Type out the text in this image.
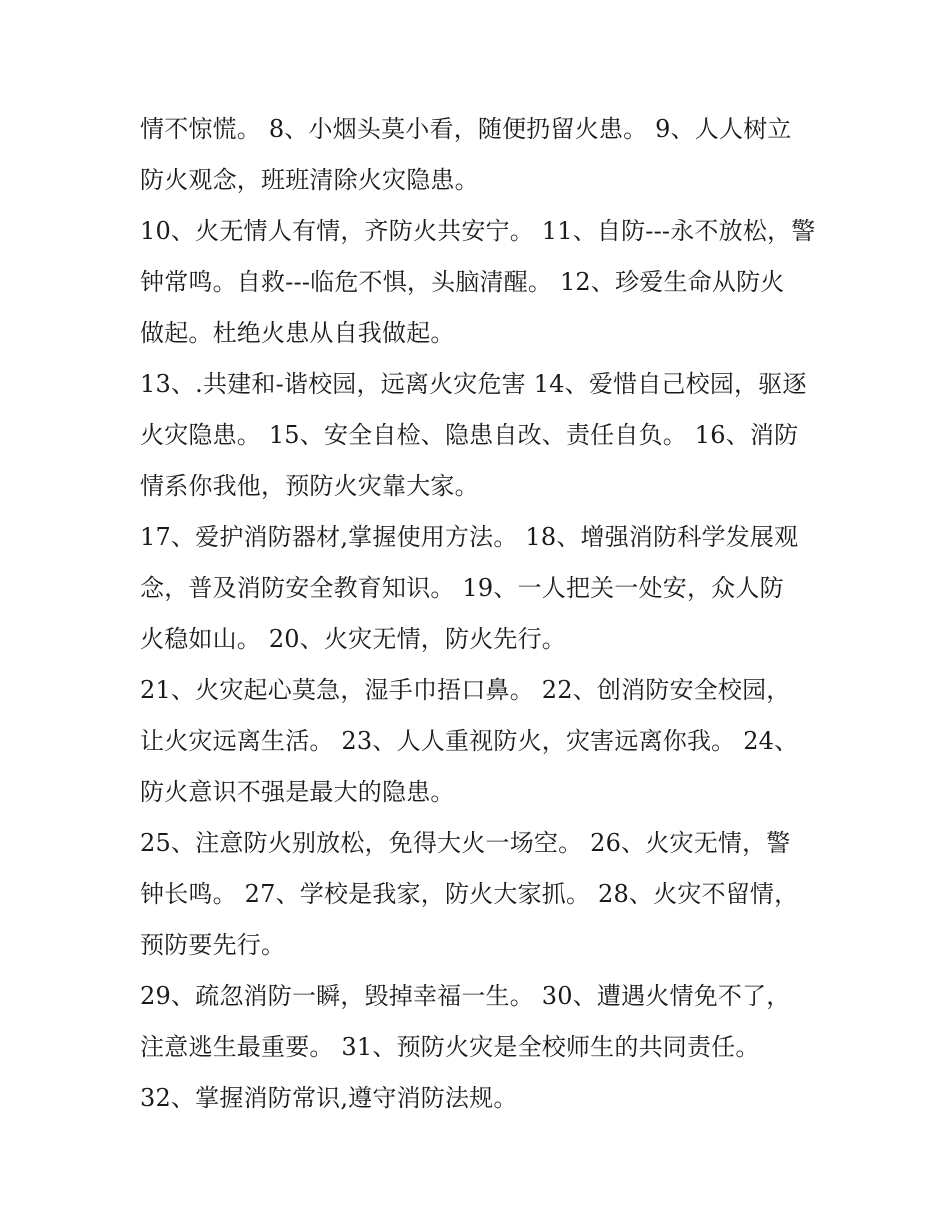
情不惊慌。 8、小烟头莫小看，随便扔留火患。 9、人人树立
防火观念，班班清除火灾隐患。
10、火无情人有情，齐防火共安宁。 11、自防---永不放松，警
钟常鸣。自救---临危不惧，头脑清醒。 12、珍爱生命从防火
做起。杜绝火患从自我做起。
13、.共建和-谐校园，远离火灾危害 14、爱惜自己校园，驱逐
火灾隐患。 15、安全自检、隐患自改、责任自负。 16、消防
情系你我他，预防火灾靠大家。
17、爱护消防器材,掌握使用方法。 18、增强消防科学发展观
念，普及消防安全教育知识。 19、一人把关一处安，众人防
火稳如山。 20、火灾无情，防火先行。
21、火灾起心莫急，湿手巾捂口鼻。 22、创消防安全校园，
让火灾远离生活。 23、人人重视防火，灾害远离你我。 24、
防火意识不强是最大的隐患。
25、注意防火别放松，免得大火一场空。 26、火灾无情，警
钟长鸣。 27、学校是我家，防火大家抓。 28、火灾不留情，
预防要先行。
29、疏忽消防一瞬，毁掉幸福一生。 30、遭遇火情免不了，
注意逃生最重要。 31、预防火灾是全校师生的共同责任。
32、掌握消防常识,遵守消防法规。
